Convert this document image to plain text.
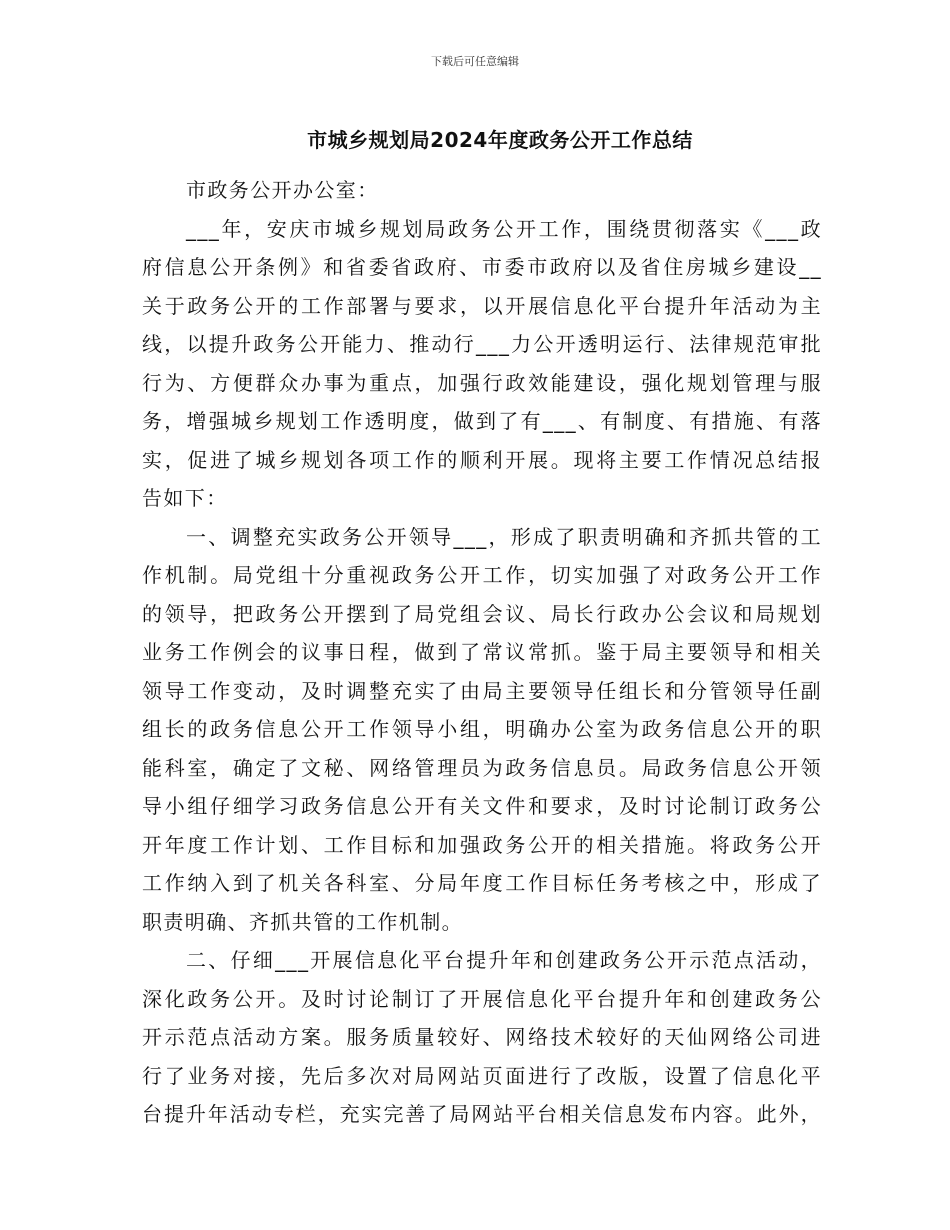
下载后可任意编辑
市城乡规划局2024年度政务公开工作总结
市政务公开办公室：
___年，安庆市城乡规划局政务公开工作，围绕贯彻落实《___政
府信息公开条例》和省委省政府、市委市政府以及省住房城乡建设__
关于政务公开的工作部署与要求，以开展信息化平台提升年活动为主
线，以提升政务公开能力、推动行___力公开透明运行、法律规范审批
行为、方便群众办事为重点，加强行政效能建设，强化规划管理与服
务，增强城乡规划工作透明度，做到了有___、有制度、有措施、有落
实，促进了城乡规划各项工作的顺利开展。现将主要工作情况总结报
告如下：
一、调整充实政务公开领导___，形成了职责明确和齐抓共管的工
作机制。局党组十分重视政务公开工作，切实加强了对政务公开工作
的领导，把政务公开摆到了局党组会议、局长行政办公会议和局规划
业务工作例会的议事日程，做到了常议常抓。鉴于局主要领导和相关
领导工作变动，及时调整充实了由局主要领导任组长和分管领导任副
组长的政务信息公开工作领导小组，明确办公室为政务信息公开的职
能科室，确定了文秘、网络管理员为政务信息员。局政务信息公开领
导小组仔细学习政务信息公开有关文件和要求，及时讨论制订政务公
开年度工作计划、工作目标和加强政务公开的相关措施。将政务公开
工作纳入到了机关各科室、分局年度工作目标任务考核之中，形成了
职责明确、齐抓共管的工作机制。
二、仔细___开展信息化平台提升年和创建政务公开示范点活动，
深化政务公开。及时讨论制订了开展信息化平台提升年和创建政务公
开示范点活动方案。服务质量较好、网络技术较好的天仙网络公司进
行了业务对接，先后多次对局网站页面进行了改版，设置了信息化平
台提升年活动专栏，充实完善了局网站平台相关信息发布内容。此外，
